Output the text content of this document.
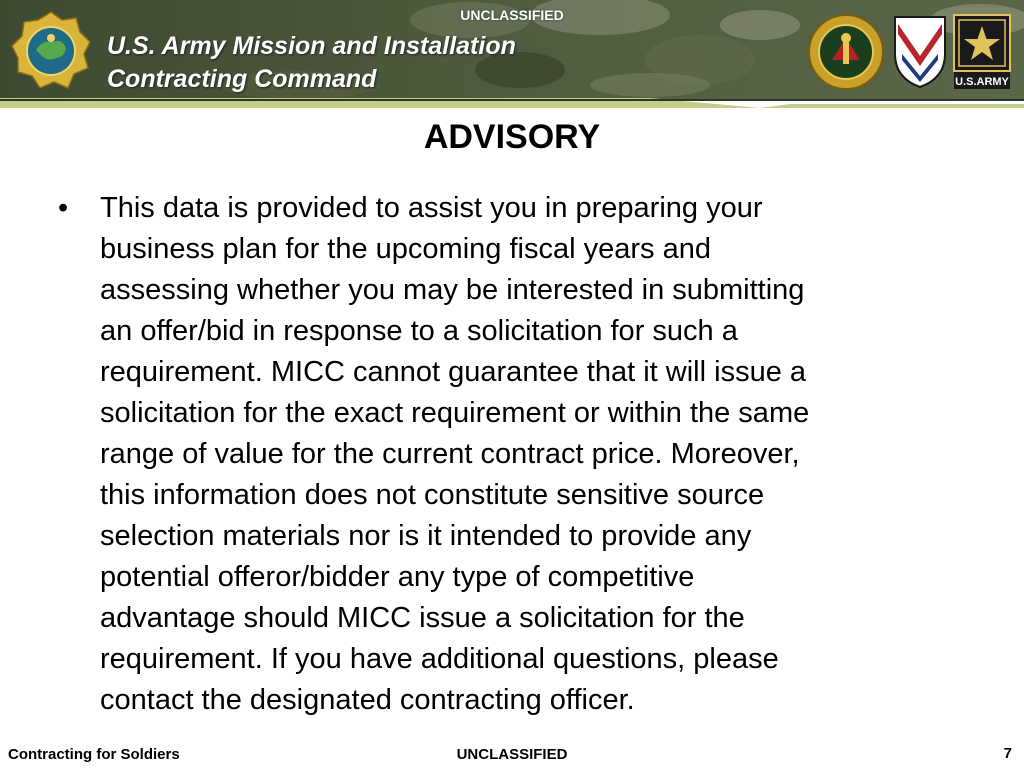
UNCLASSIFIED
U.S. Army Mission and Installation
Contracting Command	U.S.ARMY
ADVISORY
•	This data is provided to assist you in preparing your
business plan for the upcoming fiscal years and
assessing whether you may be interested in submitting
an offer/bid in response to a solicitation for such a
requirement. MICC cannot guarantee that it will issue a
solicitation for the exact requirement or within the same
range of value for the current contract price. Moreover,
this information does not constitute sensitive source
selection materials nor is it intended to provide any
potential offeror/bidder any type of competitive
advantage should MICC issue a solicitation for the
requirement. If you have additional questions, please
contact the designated contracting officer.
Contracting for Soldiers	UNCLASSIFIED	7
